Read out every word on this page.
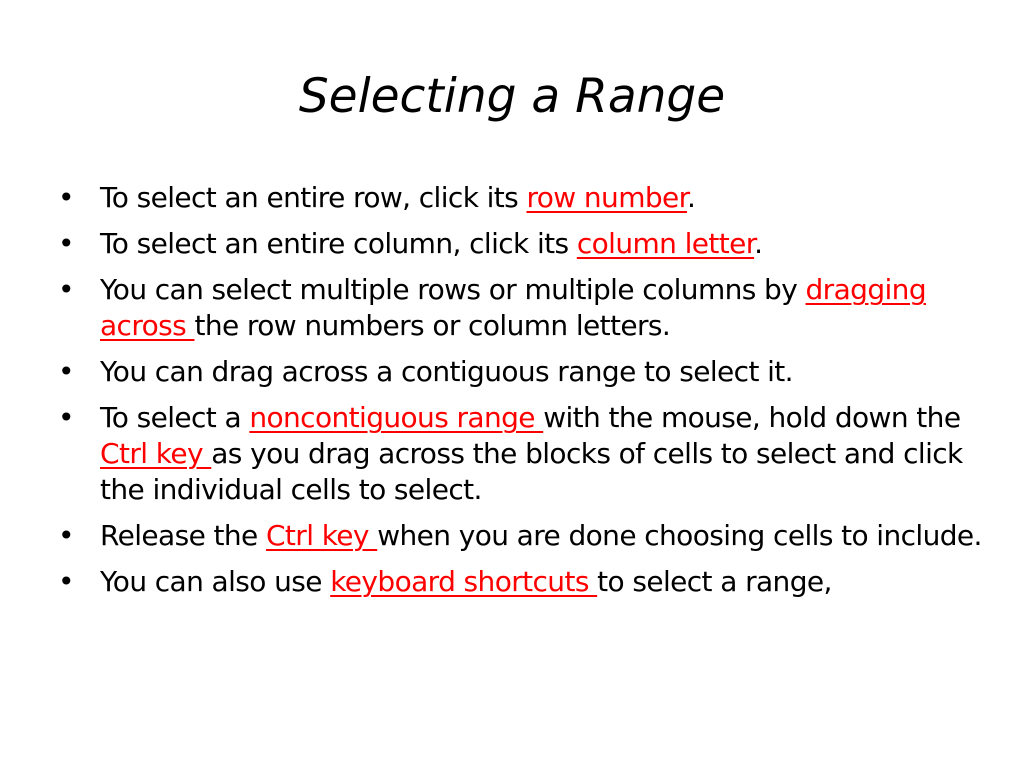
Selecting a Range
• To select an entire row, click its row number.
• To select an entire column, click its column letter.
• You can select multiple rows or multiple columns by dragging across the row numbers or column letters.
• You can drag across a contiguous range to select it.
• To select a noncontiguous range with the mouse, hold down the Ctrl key as you drag across the blocks of cells to select and click the individual cells to select.
• Release the Ctrl key when you are done choosing cells to include.
• You can also use keyboard shortcuts to select a range,
